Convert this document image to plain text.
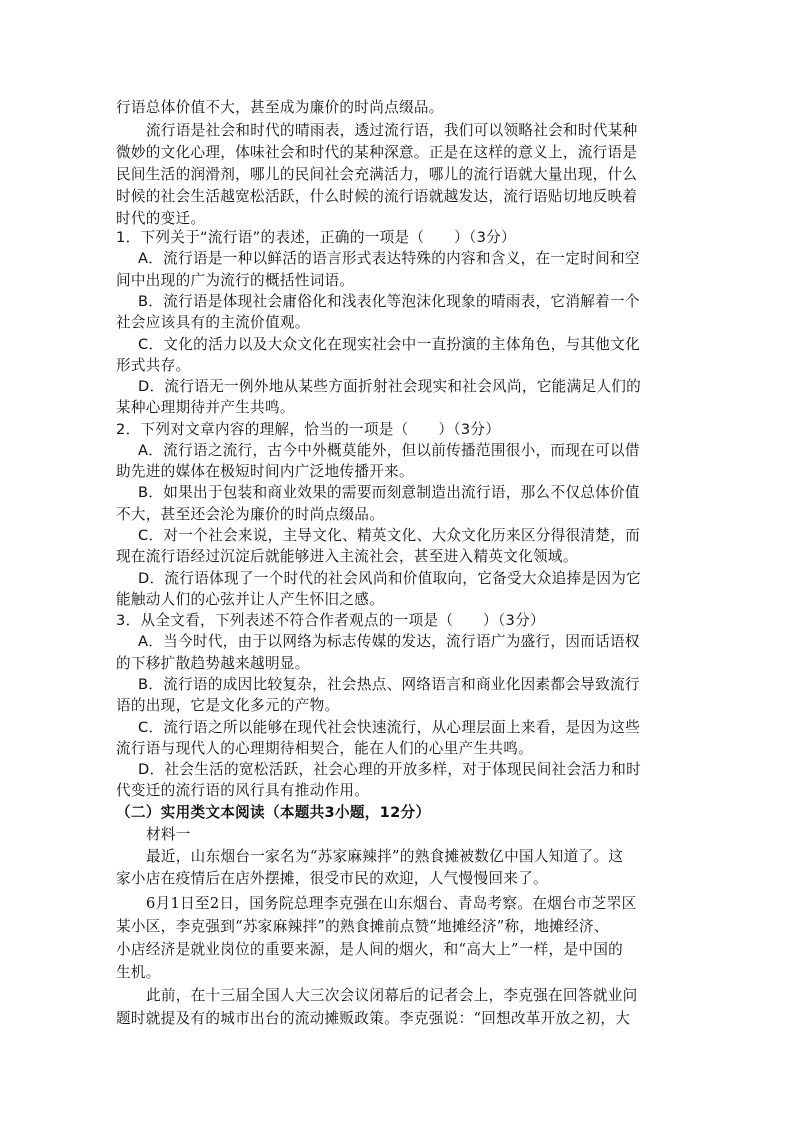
行语总体价值不大，甚至成为廉价的时尚点缀品。
流行语是社会和时代的晴雨表，透过流行语，我们可以领略社会和时代某种
微妙的文化心理，体味社会和时代的某种深意。正是在这样的意义上，流行语是
民间生活的润滑剂，哪儿的民间社会充满活力，哪儿的流行语就大量出现，什么
时候的社会生活越宽松活跃，什么时候的流行语就越发达，流行语贴切地反映着
时代的变迁。
1．下列关于“流行语”的表述，正确的一项是（　　）（3分）
A．流行语是一种以鲜活的语言形式表达特殊的内容和含义，在一定时间和空
间中出现的广为流行的概括性词语。
B．流行语是体现社会庸俗化和浅表化等泡沫化现象的晴雨表，它消解着一个
社会应该具有的主流价值观。
C．文化的活力以及大众文化在现实社会中一直扮演的主体角色，与其他文化
形式共存。
D．流行语无一例外地从某些方面折射社会现实和社会风尚，它能满足人们的
某种心理期待并产生共鸣。
2．下列对文章内容的理解，恰当的一项是（　　）（3分）
A．流行语之流行，古今中外概莫能外，但以前传播范围很小，而现在可以借
助先进的媒体在极短时间内广泛地传播开来。
B．如果出于包装和商业效果的需要而刻意制造出流行语，那么不仅总体价值
不大，甚至还会沦为廉价的时尚点缀品。
C．对一个社会来说，主导文化、精英文化、大众文化历来区分得很清楚，而
现在流行语经过沉淀后就能够进入主流社会，甚至进入精英文化领域。
D．流行语体现了一个时代的社会风尚和价值取向，它备受大众追捧是因为它
能触动人们的心弦并让人产生怀旧之感。
3．从全文看，下列表述不符合作者观点的一项是（　　）（3分）
A．当今时代，由于以网络为标志传媒的发达，流行语广为盛行，因而话语权
的下移扩散趋势越来越明显。
B．流行语的成因比较复杂，社会热点、网络语言和商业化因素都会导致流行
语的出现，它是文化多元的产物。
C．流行语之所以能够在现代社会快速流行，从心理层面上来看，是因为这些
流行语与现代人的心理期待相契合，能在人们的心里产生共鸣。
D．社会生活的宽松活跃，社会心理的开放多样，对于体现民间社会活力和时
代变迁的流行语的风行具有推动作用。
（二）实用类文本阅读（本题共3小题，12分）
材料一
最近，山东烟台一家名为“苏家麻辣拌”的熟食摊被数亿中国人知道了。这
家小店在疫情后在店外摆摊，很受市民的欢迎，人气慢慢回来了。
6月1日至2日，国务院总理李克强在山东烟台、青岛考察。在烟台市芝罘区
某小区，李克强到“苏家麻辣拌”的熟食摊前点赞“地摊经济”称，地摊经济、
小店经济是就业岗位的重要来源，是人间的烟火，和“高大上”一样，是中国的
生机。
此前，在十三届全国人大三次会议闭幕后的记者会上，李克强在回答就业问
题时就提及有的城市出台的流动摊贩政策。李克强说：“回想改革开放之初，大
